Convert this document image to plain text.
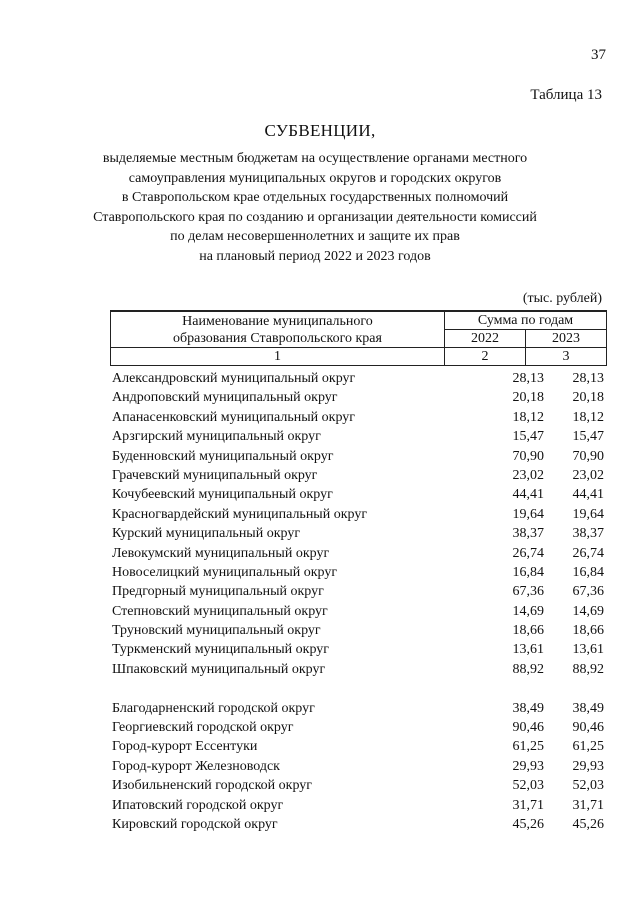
37
Таблица 13
СУБВЕНЦИИ,
выделяемые местным бюджетам на осуществление органами местного
самоуправления муниципальных округов и городских округов
в Ставропольском крае отдельных государственных полномочий
Ставропольского края по созданию и организации деятельности комиссий
по делам несовершеннолетних и защите их прав
на плановый период 2022 и 2023 годов
(тыс. рублей)
Наименование муниципального
образования Ставропольского края	Сумма по годам	
	2022	2023
1	2	3
Александровский муниципальный округ	28,13	28,13
Андроповский муниципальный округ	20,18	20,18
Апанасенковский муниципальный округ	18,12	18,12
Арзгирский муниципальный округ	15,47	15,47
Буденновский муниципальный округ	70,90	70,90
Грачевский муниципальный округ	23,02	23,02
Кочубеевский муниципальный округ	44,41	44,41
Красногвардейский муниципальный округ	19,64	19,64
Курский муниципальный округ	38,37	38,37
Левокумский муниципальный округ	26,74	26,74
Новоселицкий муниципальный округ	16,84	16,84
Предгорный муниципальный округ	67,36	67,36
Степновский муниципальный округ	14,69	14,69
Труновский муниципальный округ	18,66	18,66
Туркменский муниципальный округ	13,61	13,61
Шпаковский муниципальный округ	88,92	88,92
Благодарненский городской округ	38,49	38,49
Георгиевский городской округ	90,46	90,46
Город-курорт Ессентуки	61,25	61,25
Город-курорт Железноводск	29,93	29,93
Изобильненский городской округ	52,03	52,03
Ипатовский городской округ	31,71	31,71
Кировский городской округ	45,26	45,26
